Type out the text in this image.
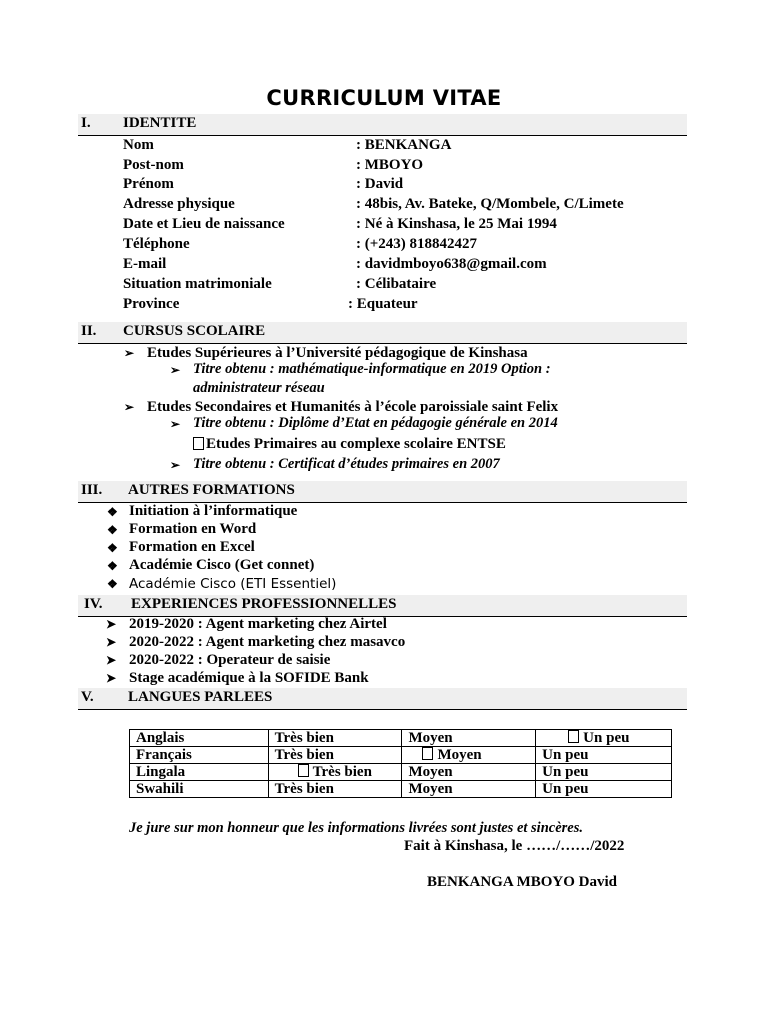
CURRICULUM VITAE
I. IDENTITE
Nom	: BENKANGA
Post-nom	: MBOYO
Prénom	: David
Adresse physique	: 48bis, Av. Bateke, Q/Mombele, C/Limete
Date et Lieu de naissance	: Né à Kinshasa, le 25 Mai 1994
Téléphone	: (+243) 818842427
E-mail	: davidmboyo638@gmail.com
Situation matrimoniale	: Célibataire
Province	: Equateur
II. CURSUS SCOLAIRE
➢ Etudes Supérieures à l’Université pédagogique de Kinshasa
➢ Titre obtenu : mathématique-informatique en 2019 Option :
administrateur réseau
➢ Etudes Secondaires et Humanités à l’école paroissiale saint Felix
➢ Titre obtenu : Diplôme d’Etat en pédagogie générale en 2014
Etudes Primaires au complexe scolaire ENTSE
➢ Titre obtenu : Certificat d’études primaires en 2007
III. AUTRES FORMATIONS
❖ Initiation à l’informatique
❖ Formation en Word
❖ Formation en Excel
❖ Académie Cisco (Get connet)
❖ Académie Cisco (ETI Essentiel)
IV. EXPERIENCES PROFESSIONNELLES
➤ 2019-2020 : Agent marketing chez Airtel
➤ 2020-2022 : Agent marketing chez masavco
➤ 2020-2022 : Operateur de saisie
➤ Stage académique à la SOFIDE Bank
V. LANGUES PARLEES
Anglais	Très bien	Moyen	Un peu
Français	Très bien	Moyen	Un peu
Lingala	Très bien	Moyen	Un peu
Swahili	Très bien	Moyen	Un peu
Je jure sur mon honneur que les informations livrées sont justes et sincères.
Fait à Kinshasa, le ……/……/2022
BENKANGA MBOYO David
